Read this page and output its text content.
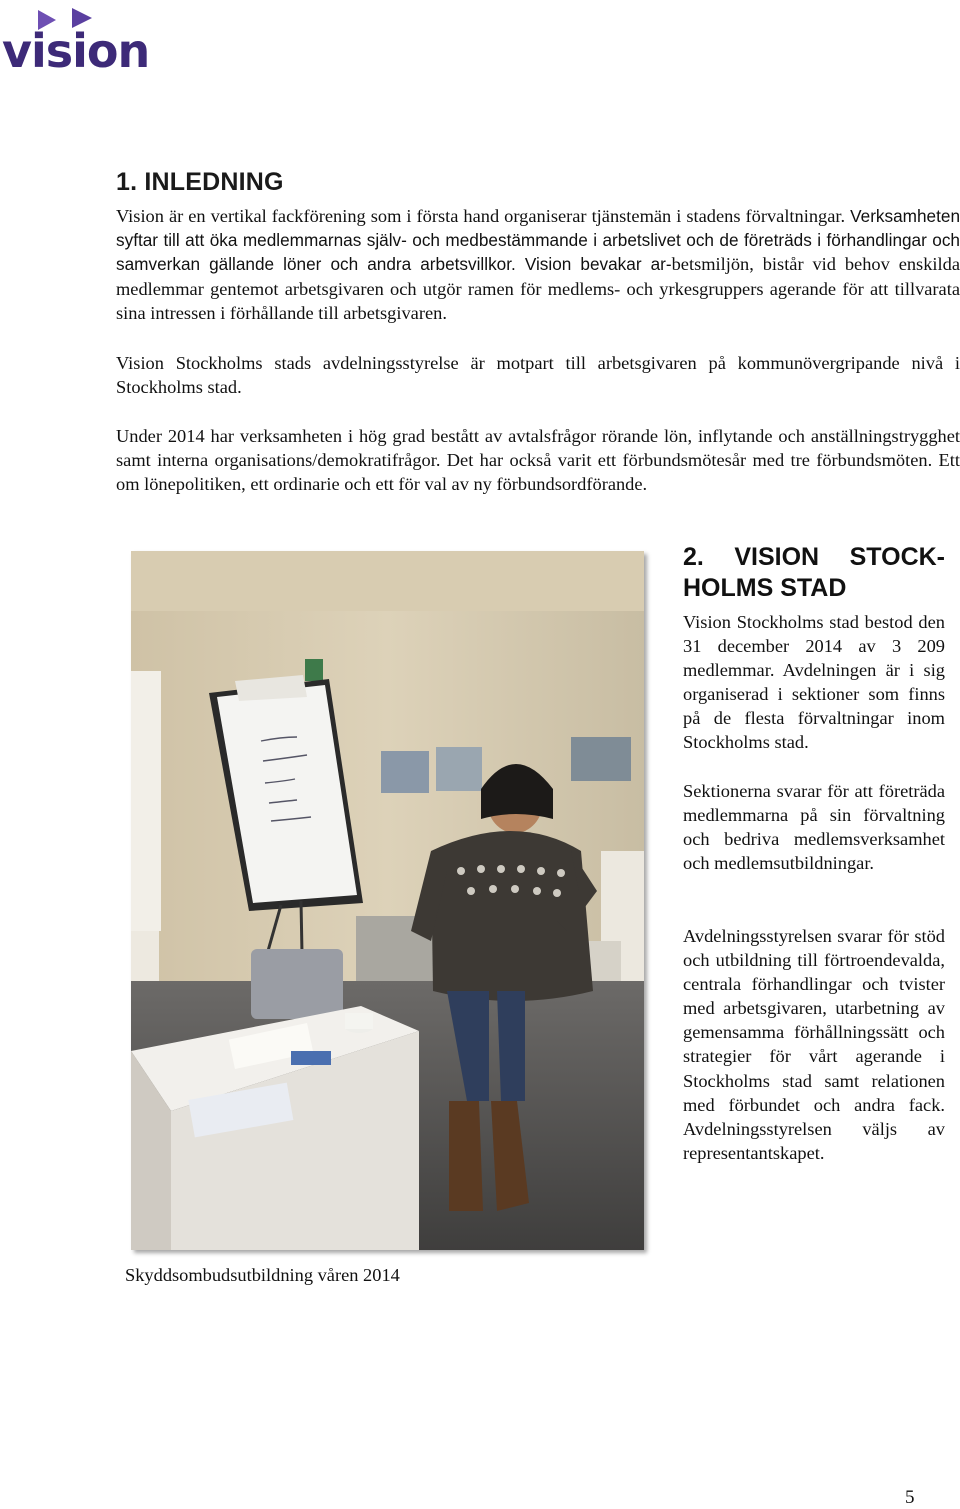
vision
1. INLEDNING
Vision är en vertikal fackförening som i första hand organiserar tjänstemän i stadens förvaltningar. Verksamheten syftar till att öka medlemmarnas själv- och medbestämmande i arbetslivet och de företräds i förhandlingar och samverkan gällande löner och andra arbetsvillkor. Vision bevakar ar-betsmiljön, bistår vid behov enskilda medlemmar gentemot arbetsgivaren och utgör ramen för medlems- och yrkesgruppers agerande för att tillvarata sina intressen i förhållande till arbetsgivaren.
Vision Stockholms stads avdelningsstyrelse är motpart till arbetsgivaren på kommunövergripande nivå i Stockholms stad.
Under 2014 har verksamheten i hög grad bestått av avtalsfrågor rörande lön, inflytande och anställningstrygghet samt interna organisations/demokratifrågor. Det har också varit ett förbundsmötesår med tre förbundsmöten. Ett om lönepolitiken, ett ordinarie och ett för val av ny förbundsordförande.
Skyddsombudsutbildning våren 2014
2. VISION STOCK-HOLMS STAD
Vision Stockholms stad bestod den 31 december 2014 av 3 209 medlemmar. Avdelningen är i sig organiserad i sektioner som finns på de flesta förvaltningar inom Stockholms stad.
Sektionerna svarar för att företräda medlemmarna på sin förvaltning och bedriva medlemsverksamhet och medlemsutbildningar.
Avdelningsstyrelsen svarar för stöd och utbildning till förtroendevalda, centrala förhandlingar och tvister med arbetsgivaren, utarbetning av gemensamma förhållningssätt och strategier för vårt agerande i Stockholms stad samt relationen med förbundet och andra fack. Avdelningsstyrelsen väljs av representantskapet.
5
